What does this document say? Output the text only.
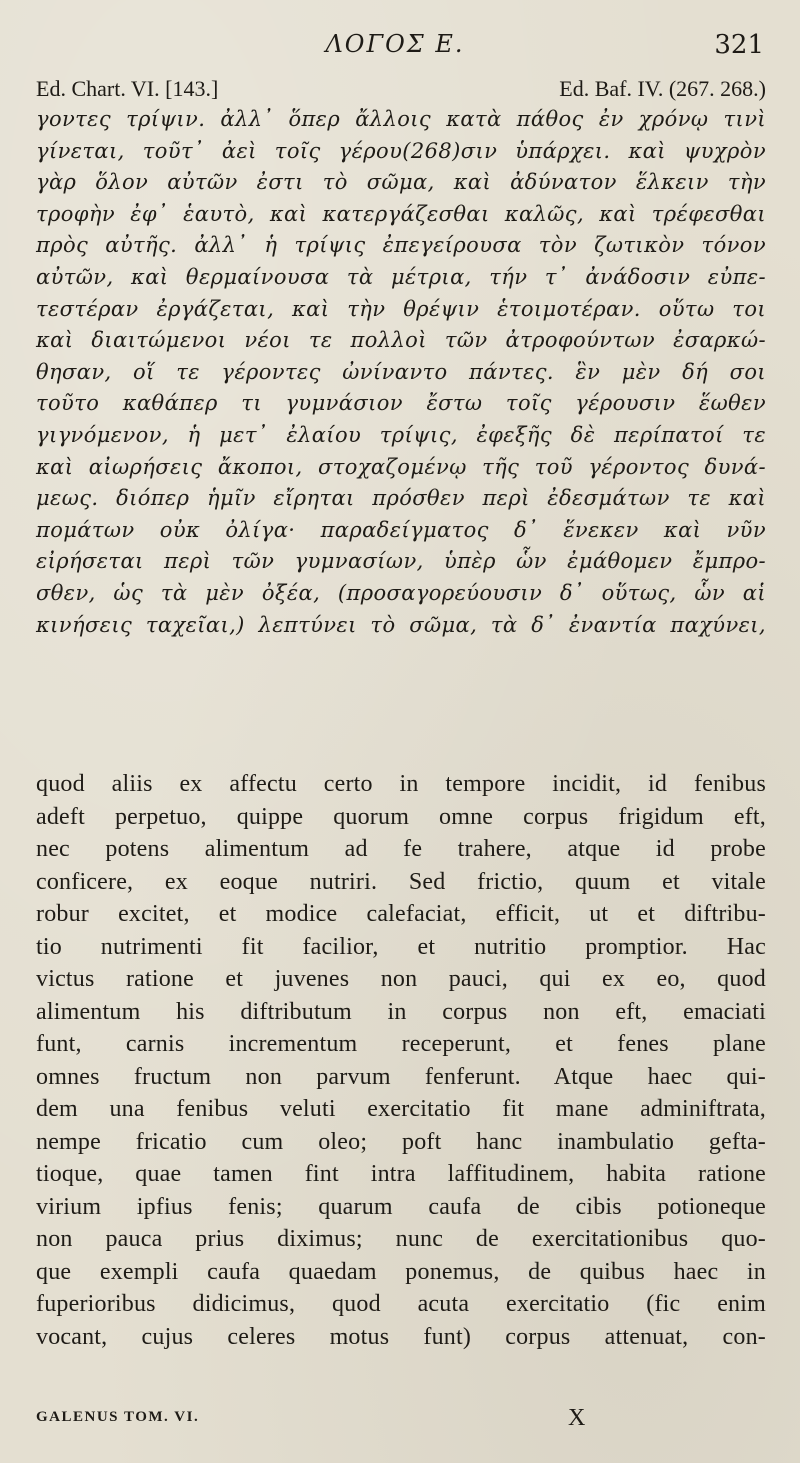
ΛΟΓΟΣ Ε.	321
Ed. Chart. VI. [143.]	Ed. Baf. IV. (267. 268.)
γοντες τρίψιν. ἀλλ᾽ ὅπερ ἄλλοις κατὰ πάθος ἐν χρόνῳ τινὶ
γίνεται, τοῦτ᾽ ἀεὶ τοῖς γέρου(268)σιν ὑπάρχει. καὶ ψυχρὸν
γὰρ ὅλον αὐτῶν ἐστι τὸ σῶμα, καὶ ἀδύνατον ἕλκειν τὴν
τροφὴν ἐφ᾽ ἑαυτὸ, καὶ κατεργάζεσθαι καλῶς, καὶ τρέφεσθαι
πρὸς αὐτῆς. ἀλλ᾽ ἡ τρίψις ἐπεγείρουσα τὸν ζωτικὸν τόνον
αὐτῶν, καὶ θερμαίνουσα τὰ μέτρια, τήν τ᾽ ἀνάδοσιν εὐπε-
τεστέραν ἐργάζεται, καὶ τὴν θρέψιν ἑτοιμοτέραν. οὕτω τοι
καὶ διαιτώμενοι νέοι τε πολλοὶ τῶν ἀτροφούντων ἐσαρκώ-
θησαν, οἵ τε γέροντες ὠνίναντο πάντες. ἓν μὲν δή σοι
τοῦτο καθάπερ τι γυμνάσιον ἔστω τοῖς γέρουσιν ἕωθεν
γιγνόμενον, ἡ μετ᾽ ἐλαίου τρίψις, ἐφεξῆς δὲ περίπατοί τε
καὶ αἰωρήσεις ἄκοποι, στοχαζομένῳ τῆς τοῦ γέροντος δυνά-
μεως. διόπερ ἡμῖν εἴρηται πρόσθεν περὶ ἐδεσμάτων τε καὶ
πομάτων οὐκ ὀλίγα· παραδείγματος δ᾽ ἕνεκεν καὶ νῦν
εἰρήσεται περὶ τῶν γυμνασίων, ὑπὲρ ὧν ἐμάθομεν ἔμπρο-
σθεν, ὡς τὰ μὲν ὀξέα, (προσαγορεύουσιν δ᾽ οὕτως, ὧν αἱ
κινήσεις ταχεῖαι,) λεπτύνει τὸ σῶμα, τὰ δ᾽ ἐναντία παχύνει,
quod aliis ex affectu certo in tempore incidit, id fenibus
adeft perpetuo, quippe quorum omne corpus frigidum eft,
nec potens alimentum ad fe trahere, atque id probe
conficere, ex eoque nutriri. Sed frictio, quum et vitale
robur excitet, et modice calefaciat, efficit, ut et diftribu-
tio nutrimenti fit facilior, et nutritio promptior. Hac
victus ratione et juvenes non pauci, qui ex eo, quod
alimentum his diftributum in corpus non eft, emaciati
funt, carnis incrementum receperunt, et fenes plane
omnes fructum non parvum fenferunt. Atque haec qui-
dem una fenibus veluti exercitatio fit mane adminiftrata,
nempe fricatio cum oleo; poft hanc inambulatio gefta-
tioque, quae tamen fint intra laffitudinem, habita ratione
virium ipfius fenis; quarum caufa de cibis potioneque
non pauca prius diximus; nunc de exercitationibus quo-
que exempli caufa quaedam ponemus, de quibus haec in
fuperioribus didicimus, quod acuta exercitatio (fic enim
vocant, cujus celeres motus funt) corpus attenuat, con-
GALENUS TOM. VI.	X
